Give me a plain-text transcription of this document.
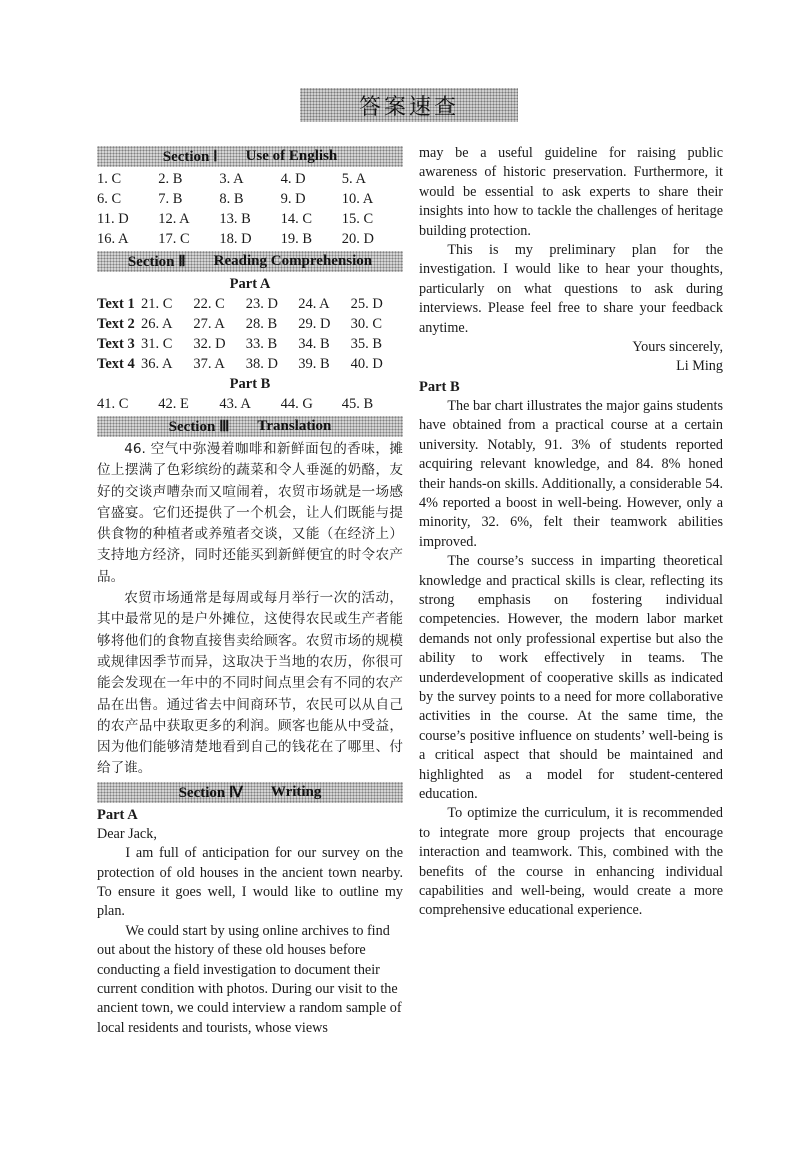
答案速查
Section Ⅰ	Use of English
1. C	2. B	3. A	4. D	5. A
6. C	7. B	8. B	9. D	10. A
11. D	12. A	13. B	14. C	15. C
16. A	17. C	18. D	19. B	20. D
Section Ⅱ	Reading Comprehension
Part A
Text 1 21. C	22. C	23. D	24. A	25. D
Text 2 26. A	27. A	28. B	29. D	30. C
Text 3 31. C	32. D	33. B	34. B	35. B
Text 4 36. A	37. A	38. D	39. B	40. D
Part B
41. C	42. E	43. A	44. G	45. B
Section Ⅲ	Translation

46. 空气中弥漫着咖啡和新鲜面包的香味，摊位上摆满了色彩缤纷的蔬菜和令人垂涎的奶酪，友好的交谈声嘈杂而又喧闹着，农贸市场就是一场感官盛宴。它们还提供了一个机会，让人们既能与提供食物的种植者或养殖者交谈，又能（在经济上）支持地方经济，同时还能买到新鲜便宜的时令农产品。

农贸市场通常是每周或每月举行一次的活动，其中最常见的是户外摊位，这使得农民或生产者能够将他们的食物直接售卖给顾客。农贸市场的规模或规律因季节而异，这取决于当地的农历，你很可能会发现在一年中的不同时间点里会有不同的农产品在出售。通过省去中间商环节，农民可以从自己的农产品中获取更多的利润。顾客也能从中受益，因为他们能够清楚地看到自己的钱花在了哪里、付给了谁。

Section Ⅳ	Writing

Part A

Dear Jack,

I am full of anticipation for our survey on the protection of old houses in the ancient town nearby. To ensure it goes well, I would like to outline my plan.

We could start by using online archives to find out about the history of these old houses before conducting a field investigation to document their current condition with photos. During our visit to the ancient town, we could interview a random sample of local residents and tourists, whose views

may be a useful guideline for raising public awareness of historic preservation. Furthermore, it would be essential to ask experts to share their insights into how to tackle the challenges of heritage building protection.

This is my preliminary plan for the investigation. I would like to hear your thoughts, particularly on what questions to ask during interviews. Please feel free to share your feedback anytime.

Yours sincerely,

Li Ming

Part B

The bar chart illustrates the major gains students have obtained from a practical course at a certain university. Notably, 91. 3% of students reported acquiring relevant knowledge, and 84. 8% honed their hands-on skills. Additionally, a considerable 54. 4% reported a boost in well-being. However, only a minority, 32. 6%, felt their teamwork abilities improved.

The course’s success in imparting theoretical knowledge and practical skills is clear, reflecting its strong emphasis on fostering individual competencies. However, the modern labor market demands not only professional expertise but also the ability to work effectively in teams. The underdevelopment of cooperative skills as indicated by the survey points to a need for more collaborative activities in the course. At the same time, the course’s positive influence on students’ well-being is a critical aspect that should be maintained and highlighted as a model for student-centered education.

To optimize the curriculum, it is recommended to integrate more group projects that encourage interaction and teamwork. This, combined with the benefits of the course in enhancing individual capabilities and well-being, would create a more comprehensive educational experience.
